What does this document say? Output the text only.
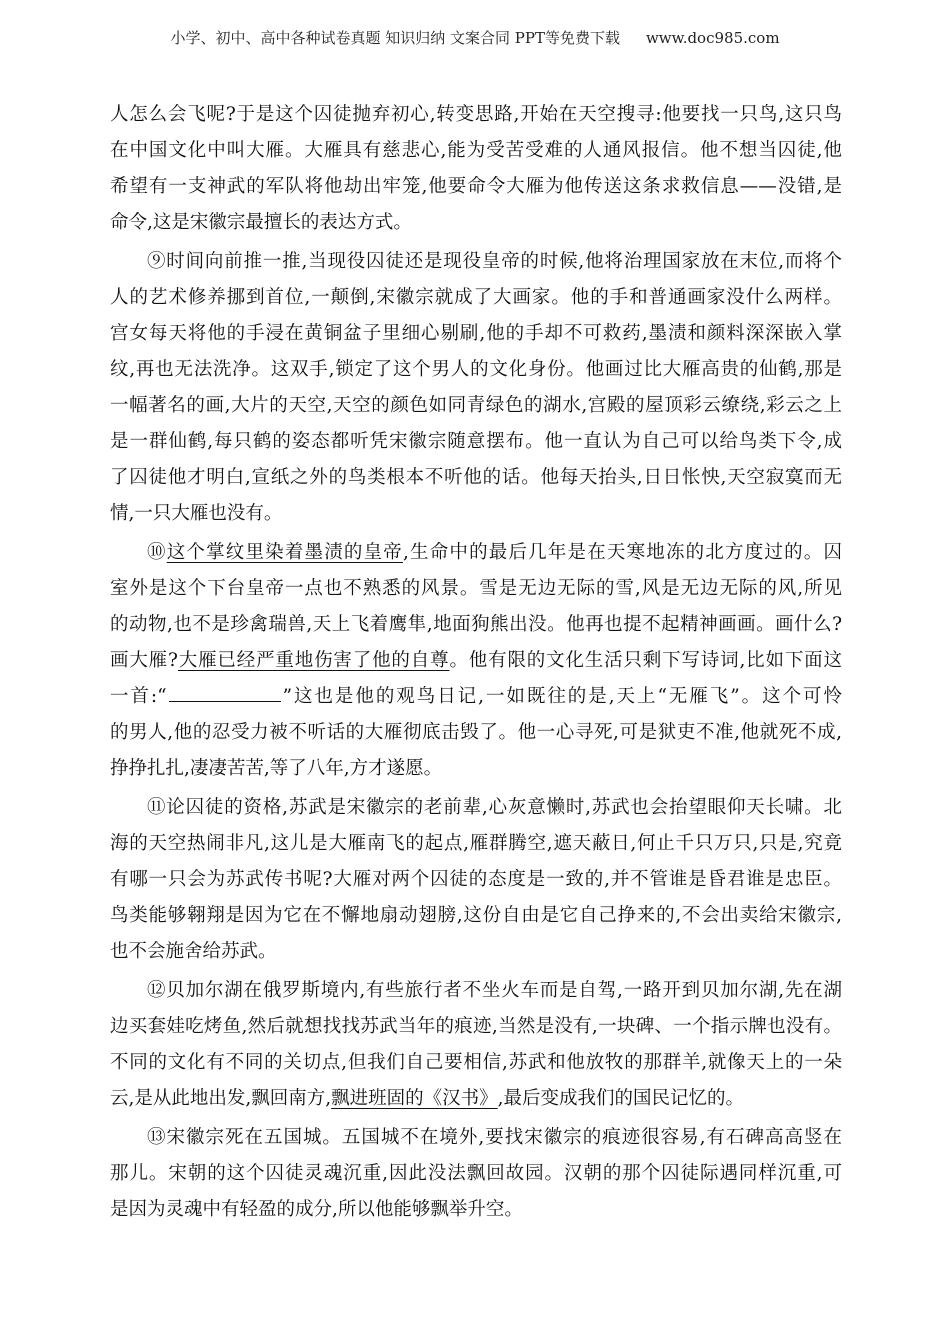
小学、初中、高中各种试卷真题 知识归纳 文案合同 PPT等免费下载 www.doc985.com
人怎么会飞呢?于是这个囚徒抛弃初心,转变思路,开始在天空搜寻:他要找一只鸟,这只鸟
在中国文化中叫大雁。大雁具有慈悲心,能为受苦受难的人通风报信。他不想当囚徒,他
希望有一支神武的军队将他劫出牢笼,他要命令大雁为他传送这条求救信息——没错,是
命令,这是宋徽宗最擅长的表达方式。
⑨时间向前推一推,当现役囚徒还是现役皇帝的时候,他将治理国家放在末位,而将个
人的艺术修养挪到首位,一颠倒,宋徽宗就成了大画家。他的手和普通画家没什么两样。
宫女每天将他的手浸在黄铜盆子里细心剔刷,他的手却不可救药,墨渍和颜料深深嵌入掌
纹,再也无法洗净。这双手,锁定了这个男人的文化身份。他画过比大雁高贵的仙鹤,那是
一幅著名的画,大片的天空,天空的颜色如同青绿色的湖水,宫殿的屋顶彩云缭绕,彩云之上
是一群仙鹤,每只鹤的姿态都听凭宋徽宗随意摆布。他一直认为自己可以给鸟类下令,成
了囚徒他才明白,宣纸之外的鸟类根本不听他的话。他每天抬头,日日怅怏,天空寂寞而无
情,一只大雁也没有。
⑩这个掌纹里染着墨渍的皇帝,生命中的最后几年是在天寒地冻的北方度过的。囚
室外是这个下台皇帝一点也不熟悉的风景。雪是无边无际的雪,风是无边无际的风,所见
的动物,也不是珍禽瑞兽,天上飞着鹰隼,地面狗熊出没。他再也提不起精神画画。画什么?
画大雁?大雁已经严重地伤害了他的自尊。他有限的文化生活只剩下写诗词,比如下面这
一首:“	”这也是他的观鸟日记,一如既往的是,天上“无雁飞”。这个可怜
的男人,他的忍受力被不听话的大雁彻底击毁了。他一心寻死,可是狱吏不准,他就死不成,
挣挣扎扎,凄凄苦苦,等了八年,方才遂愿。
⑪论囚徒的资格,苏武是宋徽宗的老前辈,心灰意懒时,苏武也会抬望眼仰天长啸。北
海的天空热闹非凡,这儿是大雁南飞的起点,雁群腾空,遮天蔽日,何止千只万只,只是,究竟
有哪一只会为苏武传书呢?大雁对两个囚徒的态度是一致的,并不管谁是昏君谁是忠臣。
鸟类能够翱翔是因为它在不懈地扇动翅膀,这份自由是它自己挣来的,不会出卖给宋徽宗,
也不会施舍给苏武。
⑫贝加尔湖在俄罗斯境内,有些旅行者不坐火车而是自驾,一路开到贝加尔湖,先在湖
边买套娃吃烤鱼,然后就想找找苏武当年的痕迹,当然是没有,一块碑、一个指示牌也没有。
不同的文化有不同的关切点,但我们自己要相信,苏武和他放牧的那群羊,就像天上的一朵
云,是从此地出发,飘回南方,飘进班固的《汉书》,最后变成我们的国民记忆的。
⑬宋徽宗死在五国城。五国城不在境外,要找宋徽宗的痕迹很容易,有石碑高高竖在
那儿。宋朝的这个囚徒灵魂沉重,因此没法飘回故园。汉朝的那个囚徒际遇同样沉重,可
是因为灵魂中有轻盈的成分,所以他能够飘举升空。
